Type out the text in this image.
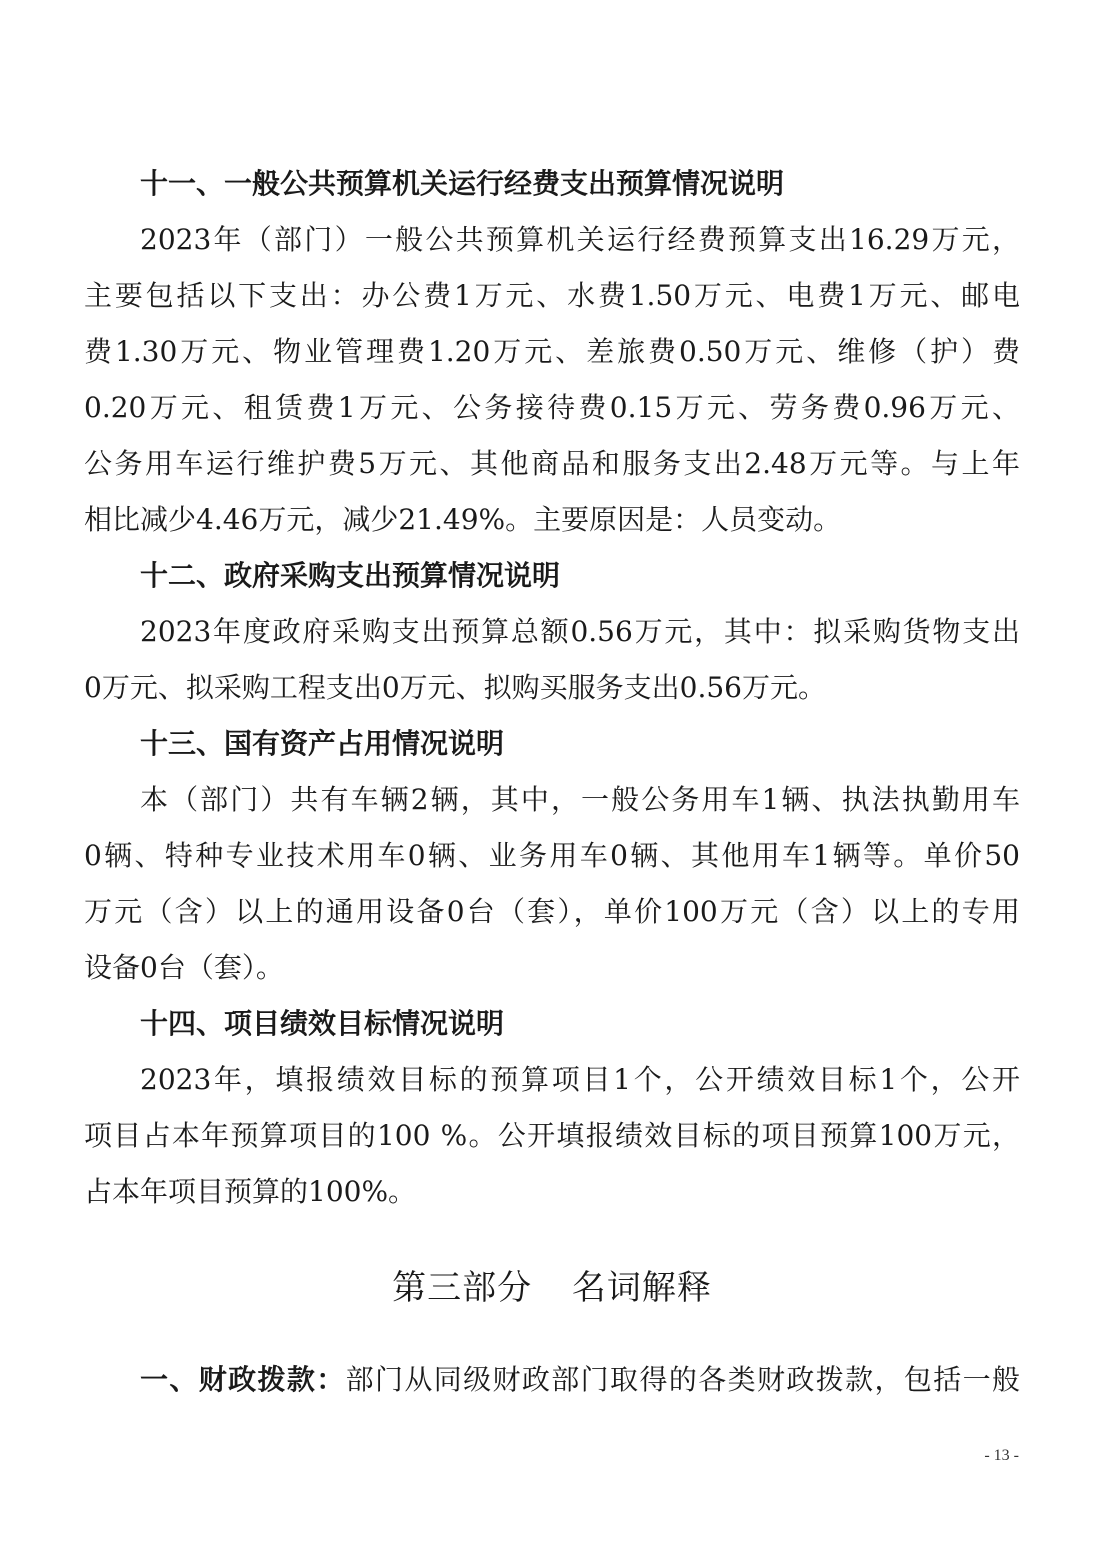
十一、一般公共预算机关运行经费支出预算情况说明
2023年（部门）一般公共预算机关运行经费预算支出16.29万元，
主要包括以下支出：办公费1万元、水费1.50万元、电费1万元、邮电
费1.30万元、物业管理费1.20万元、差旅费0.50万元、维修（护）费
0.20万元、租赁费1万元、公务接待费0.15万元、劳务费0.96万元、
公务用车运行维护费5万元、其他商品和服务支出2.48万元等。与上年
相比减少4.46万元，减少21.49%。主要原因是：人员变动。
十二、政府采购支出预算情况说明
2023年度政府采购支出预算总额0.56万元，其中：拟采购货物支出
0万元、拟采购工程支出0万元、拟购买服务支出0.56万元。
十三、国有资产占用情况说明
本（部门）共有车辆2辆，其中，一般公务用车1辆、执法执勤用车
0辆、特种专业技术用车0辆、业务用车0辆、其他用车1辆等。单价50
万元（含）以上的通用设备0台（套），单价100万元（含）以上的专用
设备0台（套）。
十四、项目绩效目标情况说明
2023年，填报绩效目标的预算项目1个，公开绩效目标1个，公开
项目占本年预算项目的100 %。公开填报绩效目标的项目预算100万元，
占本年项目预算的100%。
第三部分 名词解释
一、财政拨款：部门从同级财政部门取得的各类财政拨款，包括一般
- 13 -
